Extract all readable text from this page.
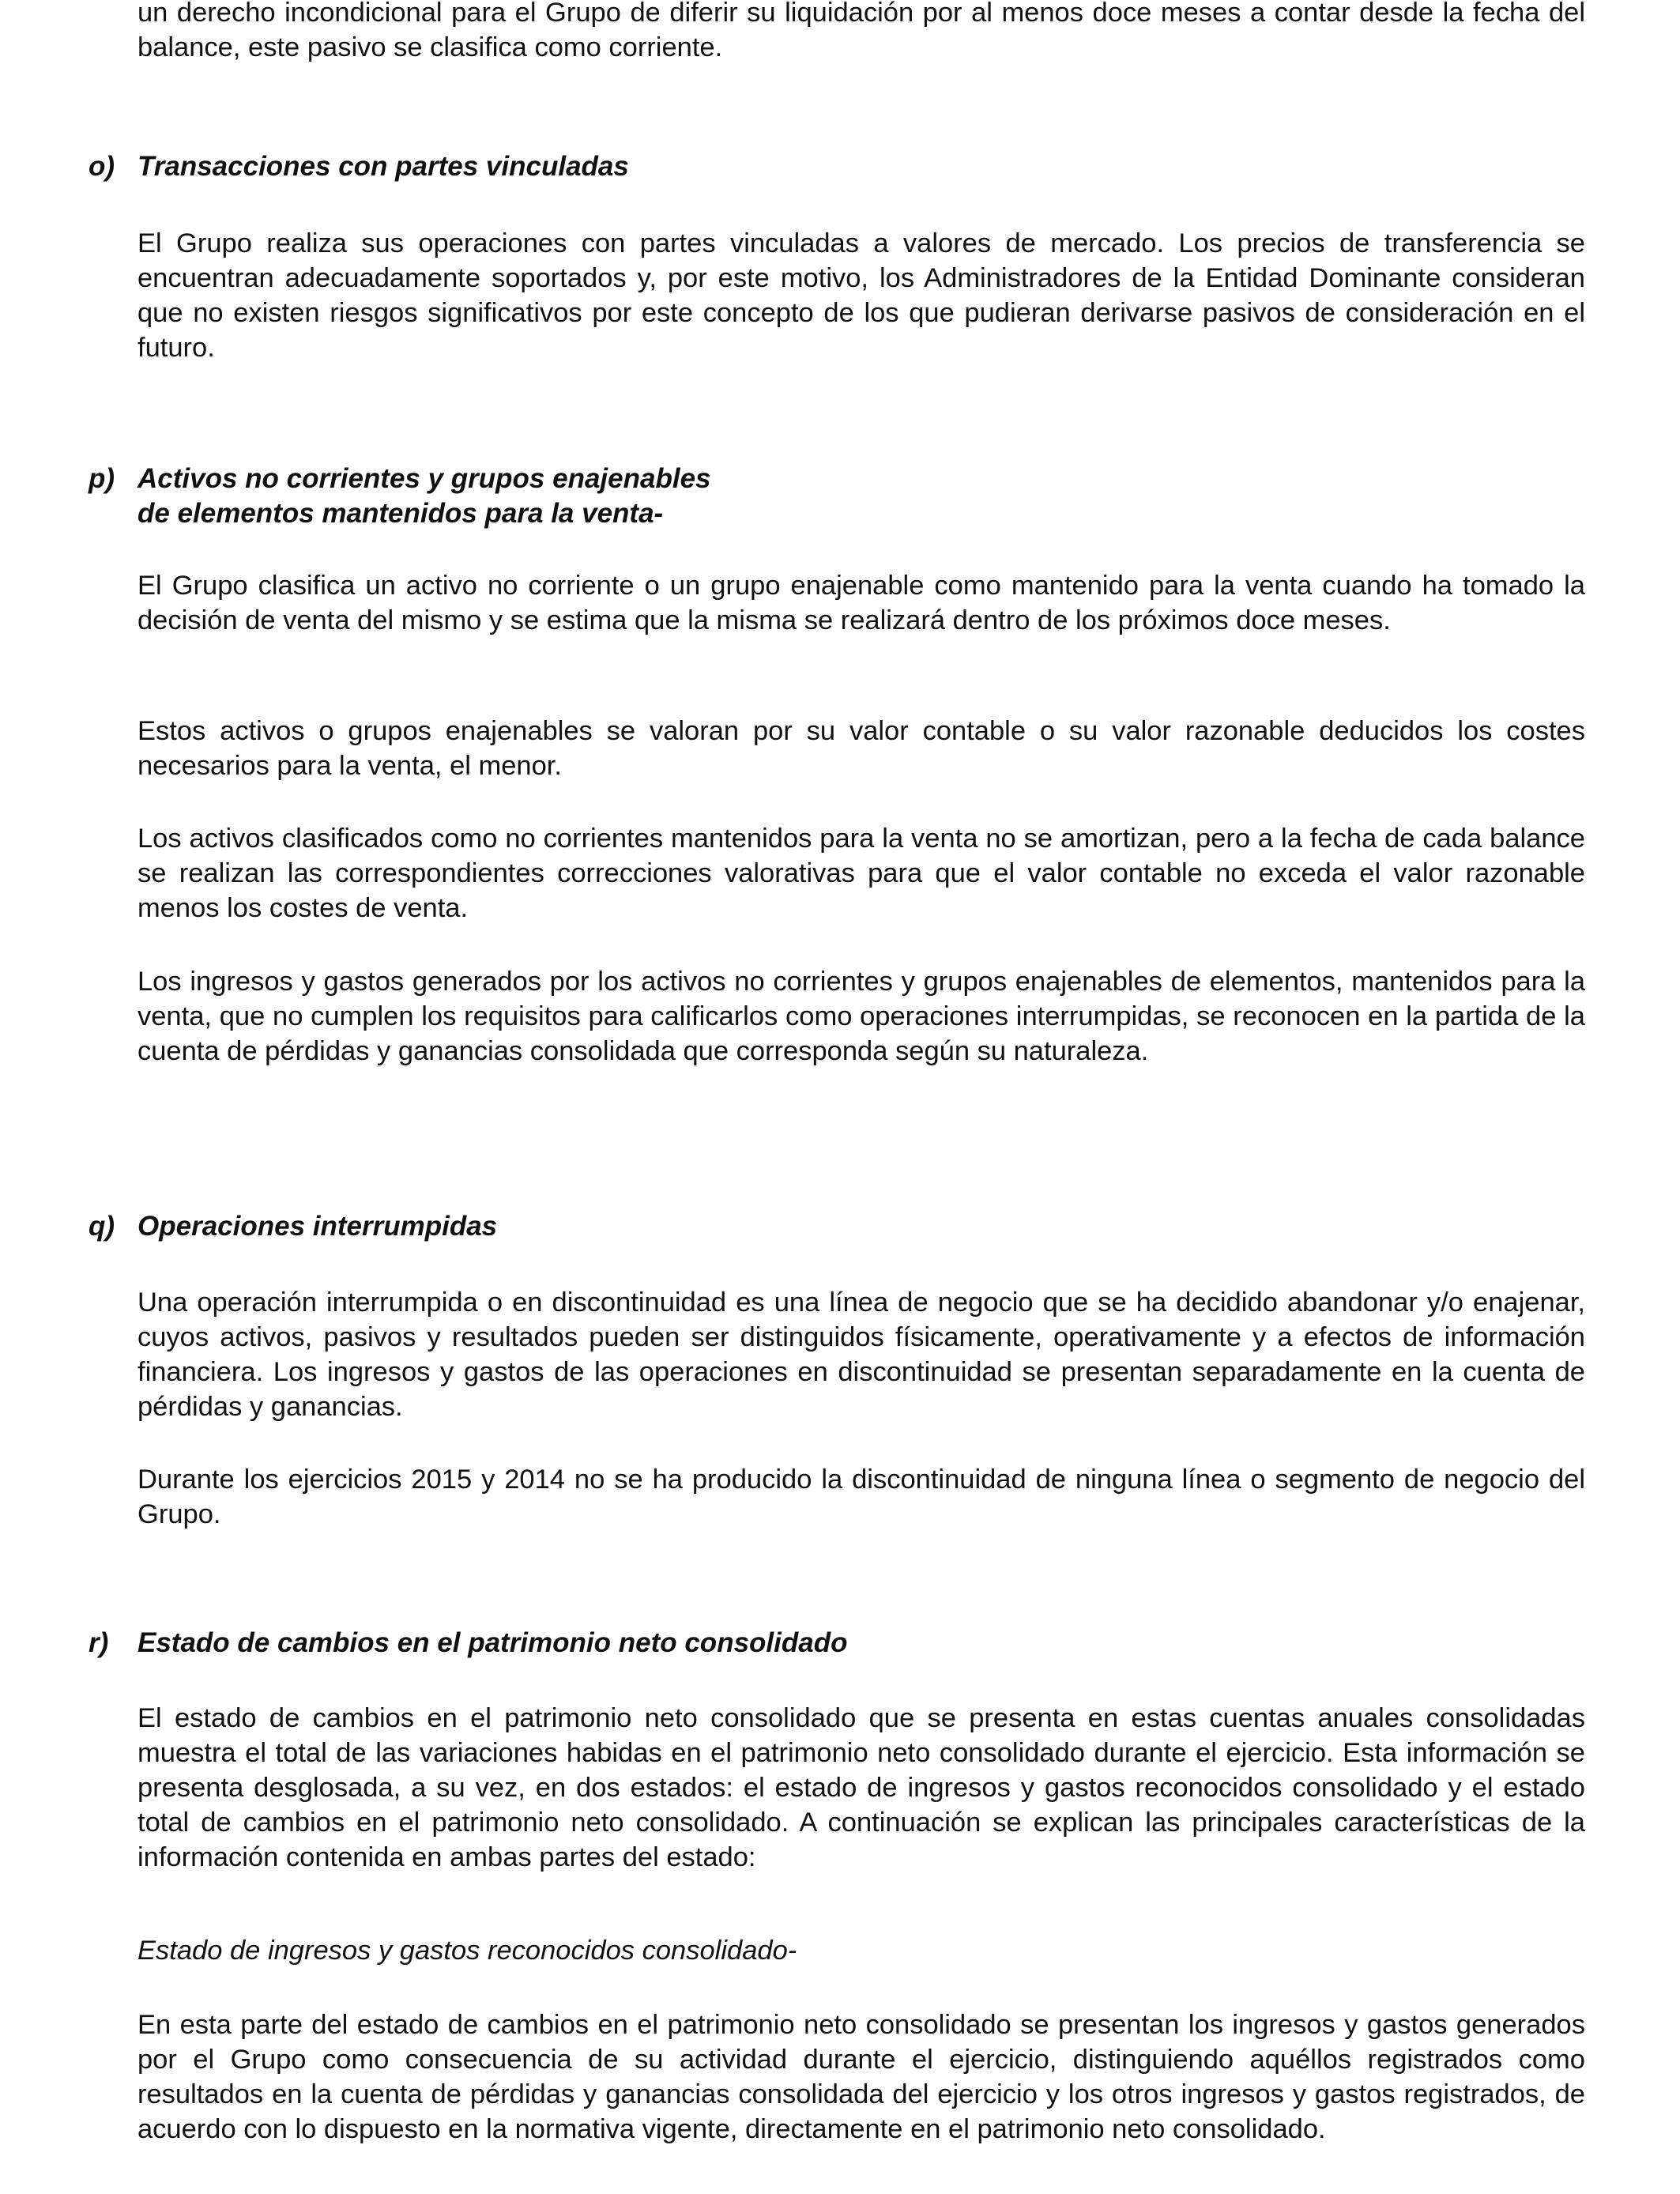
un derecho incondicional para el Grupo de diferir su liquidación por al menos doce meses a contar desde la fecha del balance, este pasivo se clasifica como corriente.

o) Transacciones con partes vinculadas

El Grupo realiza sus operaciones con partes vinculadas a valores de mercado. Los precios de transferencia se encuentran adecuadamente soportados y, por este motivo, los Administradores de la Entidad Dominante consideran que no existen riesgos significativos por este concepto de los que pudieran derivarse pasivos de consideración en el futuro.

p) Activos no corrientes y grupos enajenables
de elementos mantenidos para la venta-

El Grupo clasifica un activo no corriente o un grupo enajenable como mantenido para la venta cuando ha tomado la decisión de venta del mismo y se estima que la misma se realizará dentro de los próximos doce meses.

Estos activos o grupos enajenables se valoran por su valor contable o su valor razonable deducidos los costes necesarios para la venta, el menor.

Los activos clasificados como no corrientes mantenidos para la venta no se amortizan, pero a la fecha de cada balance se realizan las correspondientes correcciones valorativas para que el valor contable no exceda el valor razonable menos los costes de venta.

Los ingresos y gastos generados por los activos no corrientes y grupos enajenables de elementos, mantenidos para la venta, que no cumplen los requisitos para calificarlos como operaciones interrumpidas, se reconocen en la partida de la cuenta de pérdidas y ganancias consolidada que corresponda según su naturaleza.

q) Operaciones interrumpidas

Una operación interrumpida o en discontinuidad es una línea de negocio que se ha decidido abandonar y/o enajenar, cuyos activos, pasivos y resultados pueden ser distinguidos físicamente, operativamente y a efectos de información financiera. Los ingresos y gastos de las operaciones en discontinuidad se presentan separadamente en la cuenta de pérdidas y ganancias.

Durante los ejercicios 2015 y 2014 no se ha producido la discontinuidad de ninguna línea o segmento de negocio del Grupo.

r) Estado de cambios en el patrimonio neto consolidado

El estado de cambios en el patrimonio neto consolidado que se presenta en estas cuentas anuales consolidadas muestra el total de las variaciones habidas en el patrimonio neto consolidado durante el ejercicio. Esta información se presenta desglosada, a su vez, en dos estados: el estado de ingresos y gastos reconocidos consolidado y el estado total de cambios en el patrimonio neto consolidado. A continuación se explican las principales características de la información contenida en ambas partes del estado:

Estado de ingresos y gastos reconocidos consolidado-

En esta parte del estado de cambios en el patrimonio neto consolidado se presentan los ingresos y gastos generados por el Grupo como consecuencia de su actividad durante el ejercicio, distinguiendo aquéllos registrados como resultados en la cuenta de pérdidas y ganancias consolidada del ejercicio y los otros ingresos y gastos registrados, de acuerdo con lo dispuesto en la normativa vigente, directamente en el patrimonio neto consolidado.
